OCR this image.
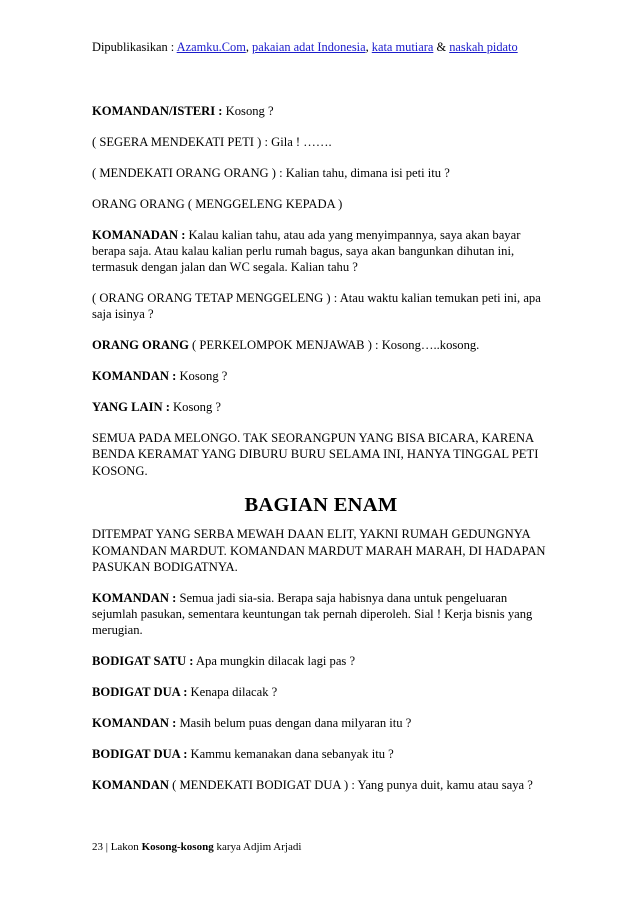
Dipublikasikan : Azamku.Com, pakaian adat Indonesia, kata mutiara & naskah pidato

KOMANDAN/ISTERI : Kosong ?

( SEGERA MENDEKATI PETI ) : Gila ! …….

( MENDEKATI ORANG ORANG ) : Kalian tahu, dimana isi peti itu ?

ORANG ORANG ( MENGGELENG KEPADA )

KOMANADAN : Kalau kalian tahu, atau ada yang menyimpannya, saya akan bayar berapa saja. Atau kalau kalian perlu rumah bagus, saya akan bangunkan dihutan ini, termasuk dengan jalan dan WC segala. Kalian tahu ?

( ORANG ORANG TETAP MENGGELENG ) : Atau waktu kalian temukan peti ini, apa saja isinya ?

ORANG ORANG ( PERKELOMPOK MENJAWAB ) : Kosong…..kosong.

KOMANDAN : Kosong ?

YANG LAIN : Kosong ?

SEMUA PADA MELONGO. TAK SEORANGPUN YANG BISA BICARA, KARENA BENDA KERAMAT YANG DIBURU BURU SELAMA INI, HANYA TINGGAL PETI KOSONG.

BAGIAN ENAM

DITEMPAT YANG SERBA MEWAH DAAN ELIT, YAKNI RUMAH GEDUNGNYA KOMANDAN MARDUT. KOMANDAN MARDUT MARAH MARAH, DI HADAPAN PASUKAN BODIGATNYA.

KOMANDAN : Semua jadi sia-sia. Berapa saja habisnya dana untuk pengeluaran sejumlah pasukan, sementara keuntungan tak pernah diperoleh. Sial ! Kerja bisnis yang merugian.

BODIGAT SATU : Apa mungkin dilacak lagi pas ?

BODIGAT DUA : Kenapa dilacak ?

KOMANDAN : Masih belum puas dengan dana milyaran itu ?

BODIGAT DUA : Kammu kemanakan dana sebanyak itu ?

KOMANDAN ( MENDEKATI BODIGAT DUA ) : Yang punya duit, kamu atau saya ?

23 | Lakon Kosong-kosong karya Adjim Arjadi
